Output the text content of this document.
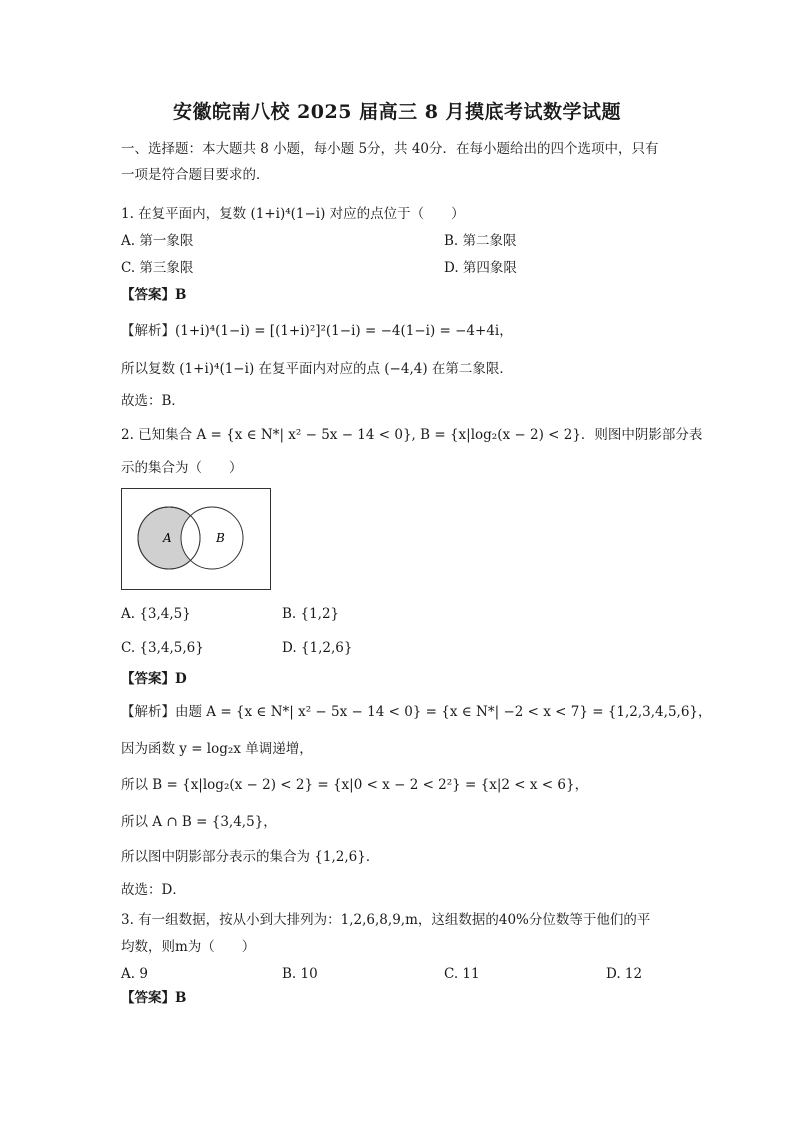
安徽皖南八校 2025 届高三 8 月摸底考试数学试题
一、选择题：本大题共 8 小题，每小题 5分，共 40分．在每小题给出的四个选项中，只有
一项是符合题目要求的．
1. 在复平面内，复数 (1+i)⁴(1−i) 对应的点位于（　　）
A. 第一象限	B. 第二象限
C. 第三象限	D. 第四象限
【答案】B
【解析】(1+i)⁴(1−i) = [(1+i)²]²(1−i) = −4(1−i) = −4+4i，
所以复数 (1+i)⁴(1−i) 在复平面内对应的点 (−4,4) 在第二象限．
故选：B．
2. 已知集合 A = {x ∈ N*| x² − 5x − 14 < 0}, B = {x|log₂(x − 2) < 2}．则图中阴影部分表
示的集合为（　　）
A	B
A. {3,4,5}	B. {1,2}
C. {3,4,5,6}	D. {1,2,6}
【答案】D
【解析】由题 A = {x ∈ N*| x² − 5x − 14 < 0} = {x ∈ N*| −2 < x < 7} = {1,2,3,4,5,6}，
因为函数 y = log₂x 单调递增，
所以 B = {x|log₂(x − 2) < 2} = {x|0 < x − 2 < 2²} = {x|2 < x < 6}，
所以 A ∩ B = {3,4,5}，
所以图中阴影部分表示的集合为 {1,2,6}．
故选：D．
3. 有一组数据，按从小到大排列为：1,2,6,8,9,m，这组数据的40%分位数等于他们的平
均数，则m为（　　）
A. 9	B. 10	C. 11	D. 12
【答案】B
